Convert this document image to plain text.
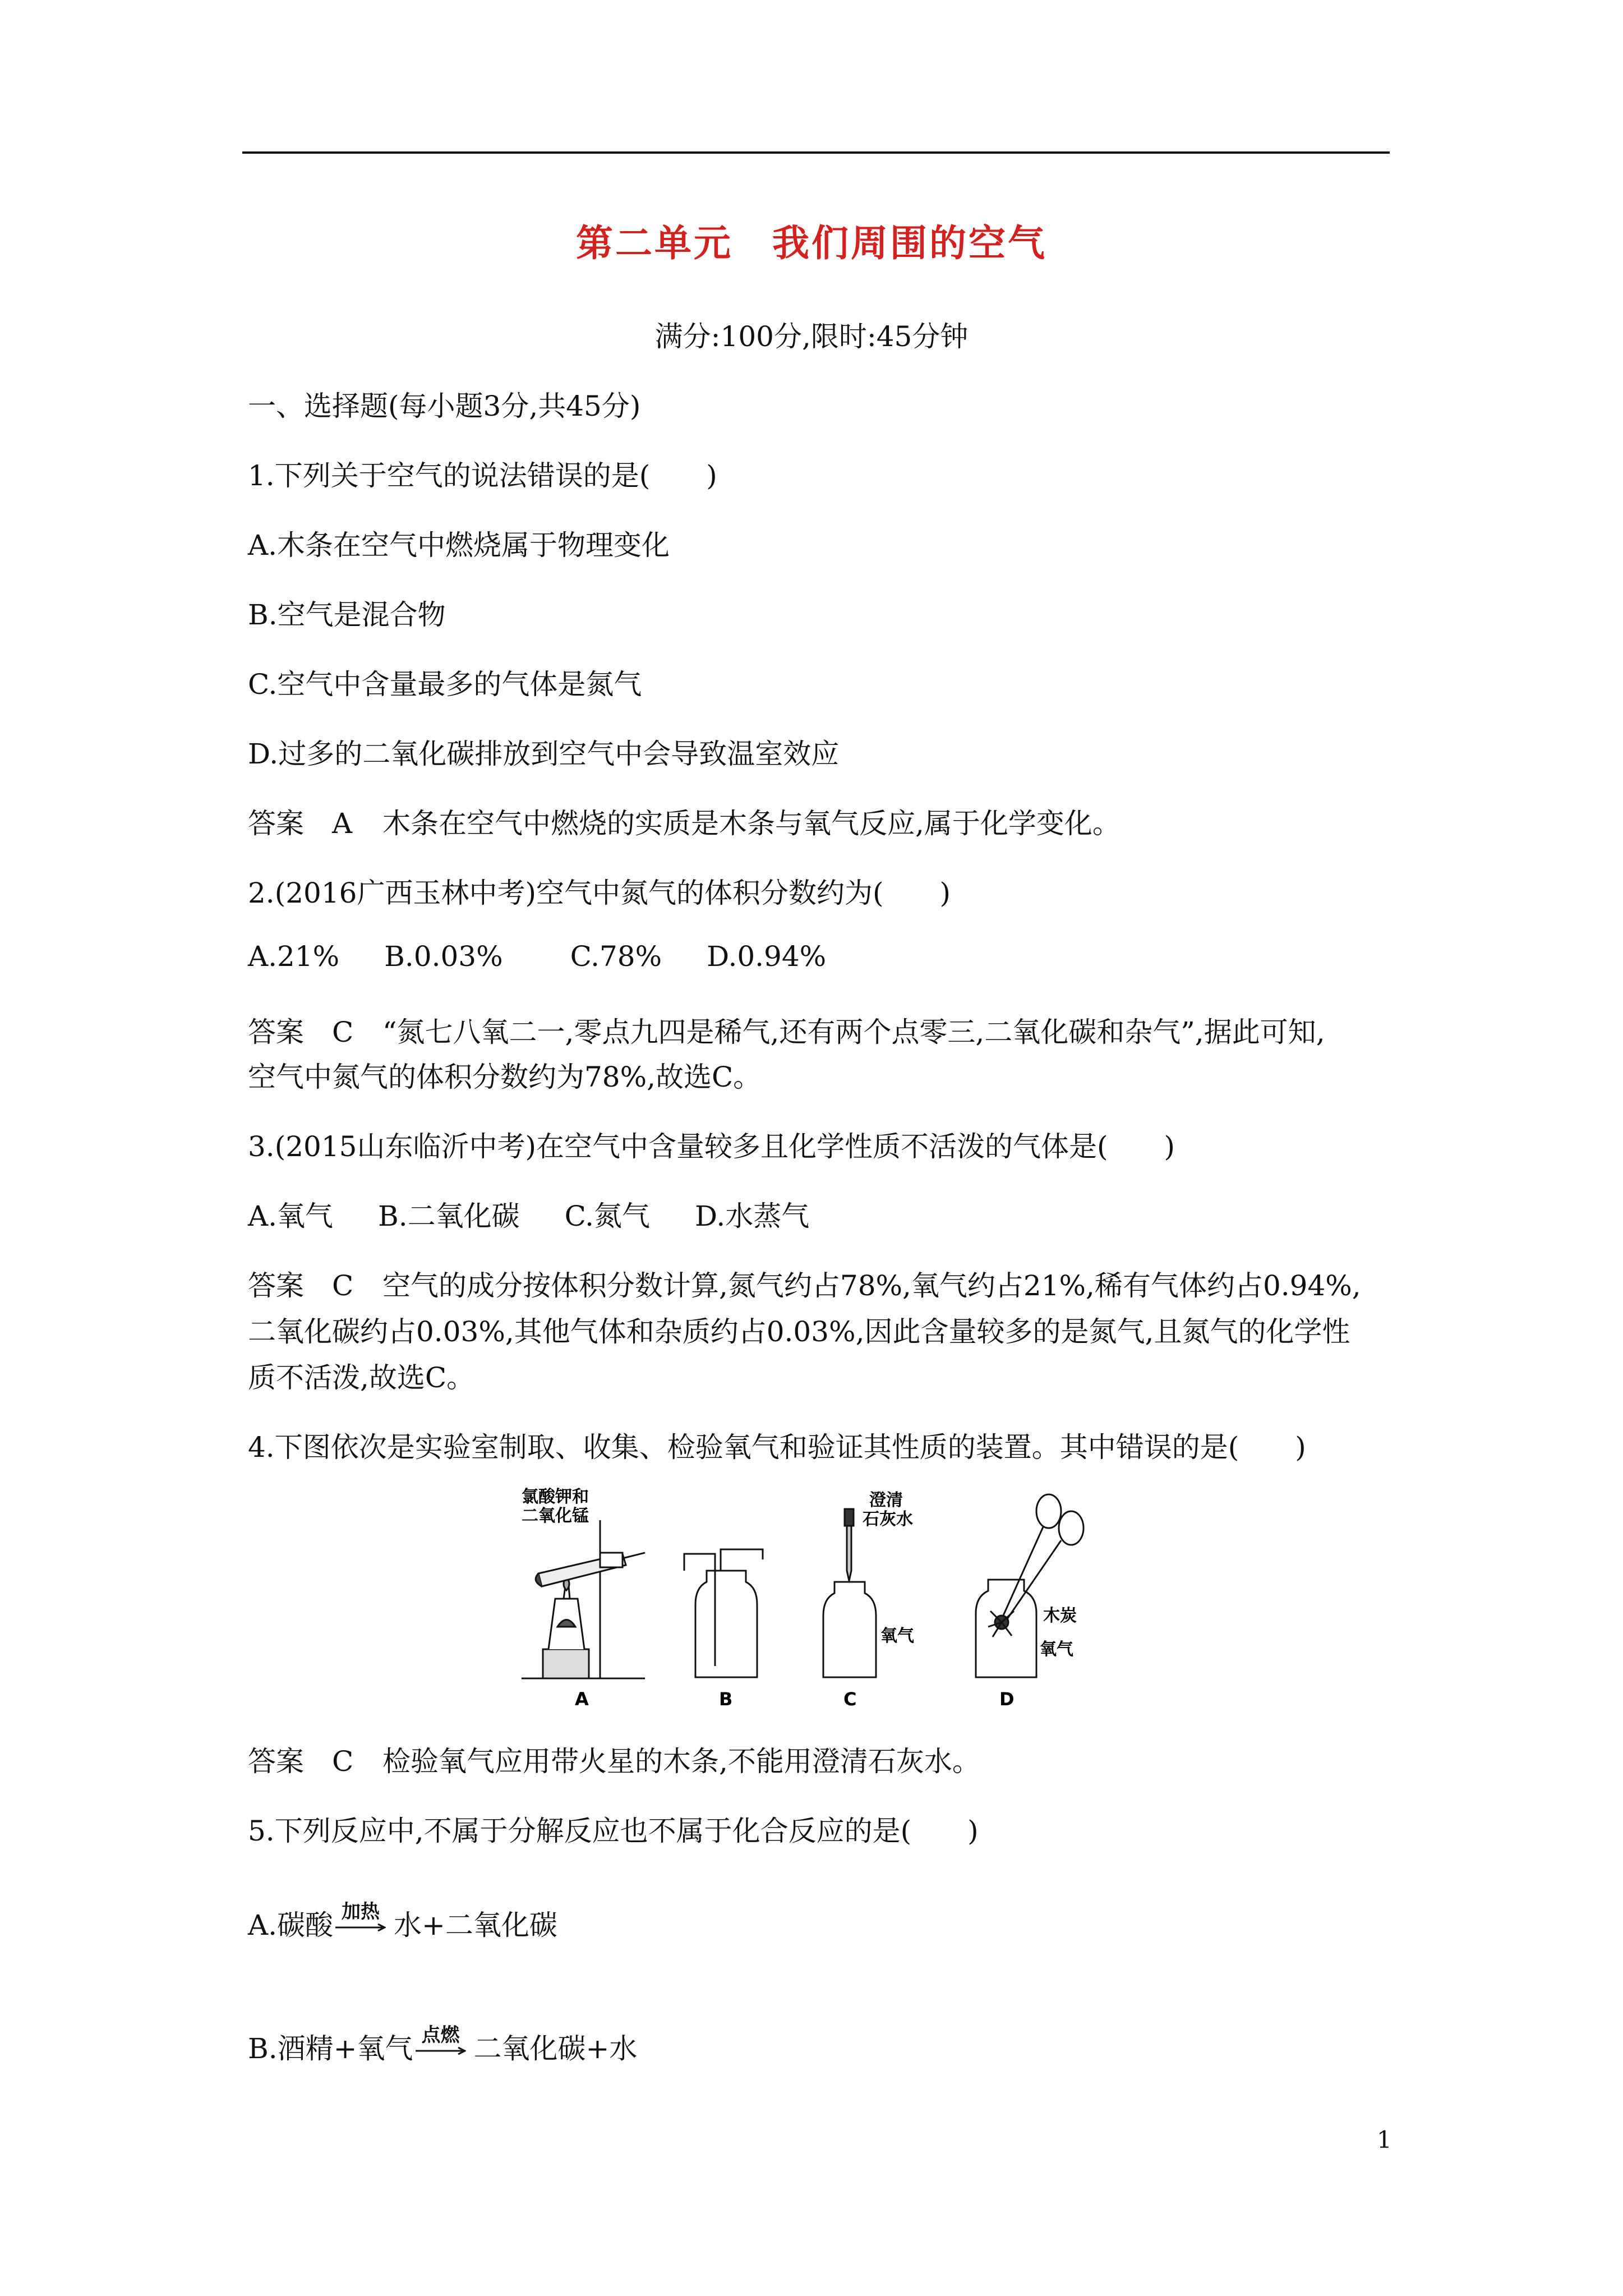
第二单元　我们周围的空气
满分:100分,限时:45分钟
一、选择题(每小题3分,共45分)
1.下列关于空气的说法错误的是(　　)
A.木条在空气中燃烧属于物理变化
B.空气是混合物
C.空气中含量最多的气体是氮气
D.过多的二氧化碳排放到空气中会导致温室效应
答案 A 木条在空气中燃烧的实质是木条与氧气反应,属于化学变化。
2.(2016广西玉林中考)空气中氮气的体积分数约为(　　)
A.21% B.0.03% C.78% D.0.94%
答案 C “氮七八氧二一,零点九四是稀气,还有两个点零三,二氧化碳和杂气”,据此可知,
空气中氮气的体积分数约为78%,故选C。
3.(2015山东临沂中考)在空气中含量较多且化学性质不活泼的气体是(　　)
A.氧气 B.二氧化碳 C.氮气 D.水蒸气
答案 C 空气的成分按体积分数计算,氮气约占78%,氧气约占21%,稀有气体约占0.94%,
二氧化碳约占0.03%,其他气体和杂质约占0.03%,因此含量较多的是氮气,且氮气的化学性
质不活泼,故选C。
4.下图依次是实验室制取、收集、检验氧气和验证其性质的装置。其中错误的是(　　)
氯酸钾和
二氧化锰
A	B
澄清
石灰水
氧气
C
木炭
氧气
D
答案 C 检验氧气应用带火星的木条,不能用澄清石灰水。
5.下列反应中,不属于分解反应也不属于化合反应的是(　　)
A.碳酸 加热 水+二氧化碳
B.酒精+氧气 点燃 二氧化碳+水
1
